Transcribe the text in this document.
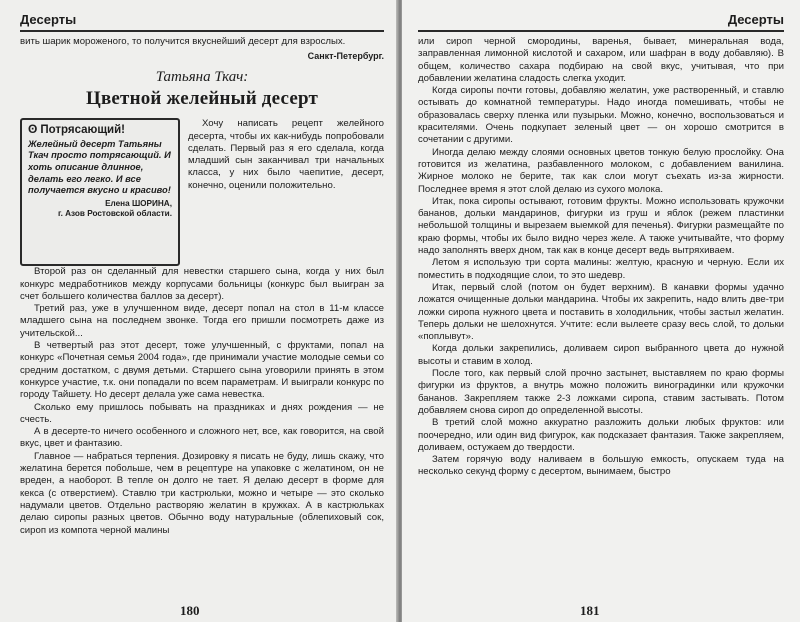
Десерты

вить шарик мороженого, то получится вкуснейший десерт для взрослых.

Санкт-Петербург.
Татьяна Ткач:
Цветной желейный десерт
ʘ Потрясающий!
Желейный десерт Татьяны Ткач просто потрясающий. И хоть описание длинное, делать его легко. И все получается вкусно и красиво!
Елена ШОРИНА,
г. Азов Ростовской области.

Хочу написать рецепт желейного десерта, чтобы их как-нибудь попробовали сделать. Первый раз я его сделала, когда младший сын заканчивал три начальных класса, у них было чаепитие, десерт, конечно, оценили положительно.

Второй раз он сделанный для невестки старшего сына, когда у них был конкурс медработников между корпусами больницы (конкурс был выигран за счет большего количества баллов за десерт).

Третий раз, уже в улучшенном виде, десерт попал на стол в 11-м классе младшего сына на последнем звонке. Тогда его пришли посмотреть даже из учительской...

В четвертый раз этот десерт, тоже улучшенный, с фруктами, попал на конкурс «Почетная семья 2004 года», где принимали участие молодые семьи со средним достатком, с двумя детьми. Старшего сына уговорили принять в этом конкурсе участие, т.к. они попадали по всем параметрам. И выиграли конкурс по городу Тайшету. Но десерт делала уже сама невестка.

Сколько ему пришлось побывать на праздниках и днях рождения — не счесть.

А в десерте-то ничего особенного и сложного нет, все, как говорится, на свой вкус, цвет и фантазию.

Главное — набраться терпения. Дозировку я писать не буду, лишь скажу, что желатина берется побольше, чем в рецептуре на упаковке с желатином, он не вреден, а наоборот. В тепле он долго не тает. Я делаю десерт в форме для кекса (с отверстием). Ставлю три кастрюльки, можно и четыре — это сколько надумали цветов. Отдельно растворяю желатин в кружках. А в кастрюльках делаю сиропы разных цветов. Обычно воду натуральные (облепиховый сок, сироп из компота черной малины

180
Десерты

или сироп черной смородины, варенья, бывает, минеральная вода, заправленная лимонной кислотой и сахаром, или шафран в воду добавляю). В общем, количество сахара подбираю на свой вкус, учитывая, что при добавлении желатина сладость слегка уходит.

Когда сиропы почти готовы, добавляю желатин, уже растворенный, и ставлю остывать до комнатной температуры. Надо иногда помешивать, чтобы не образовалась сверху пленка или пузырьки. Можно, конечно, воспользоваться и красителями. Очень подкупает зеленый цвет — он хорошо смотрится в сочетании с другими.

Иногда делаю между слоями основных цветов тонкую белую прослойку. Она готовится из желатина, разбавленного молоком, с добавлением ванилина. Жирное молоко не берите, так как слои могут съехать из-за жирности. Последнее время я этот слой делаю из сухого молока.

Итак, пока сиропы остывают, готовим фрукты. Можно использовать кружочки бананов, дольки мандаринов, фигурки из груш и яблок (режем пластинки небольшой толщины и вырезаем выемкой для печенья). Фигурки размещайте по краю формы, чтобы их было видно через желе. А также учитывайте, что форму надо заполнять вверх дном, так как в конце десерт ведь вытряхиваем.

Летом я использую три сорта малины: желтую, красную и черную. Если их поместить в подходящие слои, то это шедевр.

Итак, первый слой (потом он будет верхним). В канавки формы удачно ложатся очищенные дольки мандарина. Чтобы их закрепить, надо влить две-три ложки сиропа нужного цвета и поставить в холодильник, чтобы застыл желатин. Теперь дольки не шелохнутся. Учтите: если вылеете сразу весь слой, то дольки «поплывут».

Когда дольки закрепились, доливаем сироп выбранного цвета до нужной высоты и ставим в холод.

После того, как первый слой прочно застынет, выставляем по краю формы фигурки из фруктов, а внутрь можно положить виноградинки или кружочки бананов. Закрепляем также 2-3 ложками сиропа, ставим застывать. Потом добавляем снова сироп до определенной высоты.

В третий слой можно аккуратно разложить дольки любых фруктов: или поочередно, или один вид фигурок, как подсказает фантазия. Также закрепляем, доливаем, остужаем до твердости.

Затем горячую воду наливаем в большую емкость, опускаем туда на несколько секунд форму с десертом, вынимаем, быстро

181
